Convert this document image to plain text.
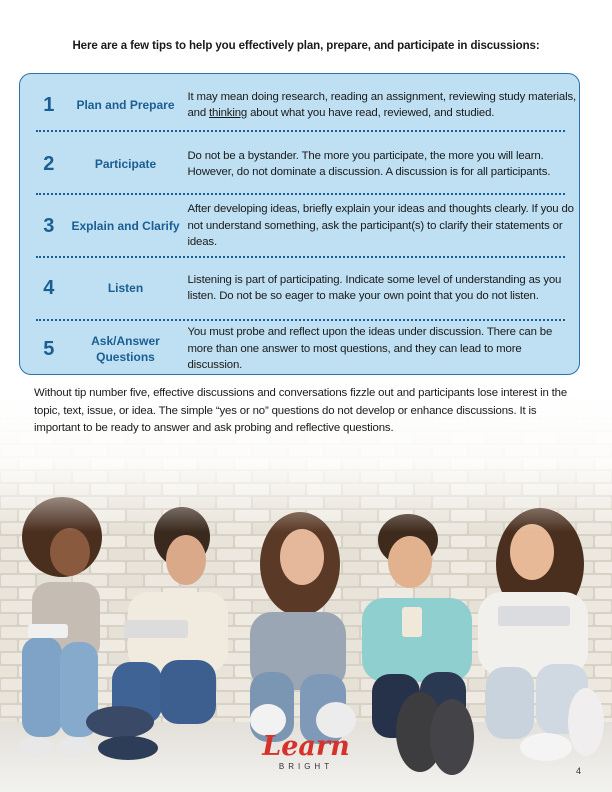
Here are a few tips to help you effectively plan, prepare, and participate in discussions:
1	Plan and Prepare
It may mean doing research, reading an assignment, reviewing study materials, and thinking about what you have read, reviewed, and studied.
2	Participate
Do not be a bystander. The more you participate, the more you will learn. However, do not dominate a discussion. A discussion is for all participants.
3	Explain and Clarify
After developing ideas, briefly explain your ideas and thoughts clearly. If you do not understand something, ask the participant(s) to clarify their statements or ideas.
4	Listen
Listening is part of participating. Indicate some level of understanding as you listen. Do not be so eager to make your own point that you do not listen.
5	Ask/Answer Questions
You must probe and reflect upon the ideas under discussion. There can be more than one answer to most questions, and they can lead to more discussion.
Without tip number five, effective discussions and conversations fizzle out and participants lose interest in the topic, text, issue, or idea. The simple “yes or no” questions do not develop or enhance discussions. It is important to be ready to answer and ask probing and reflective questions.
Learn
BRIGHT	4
